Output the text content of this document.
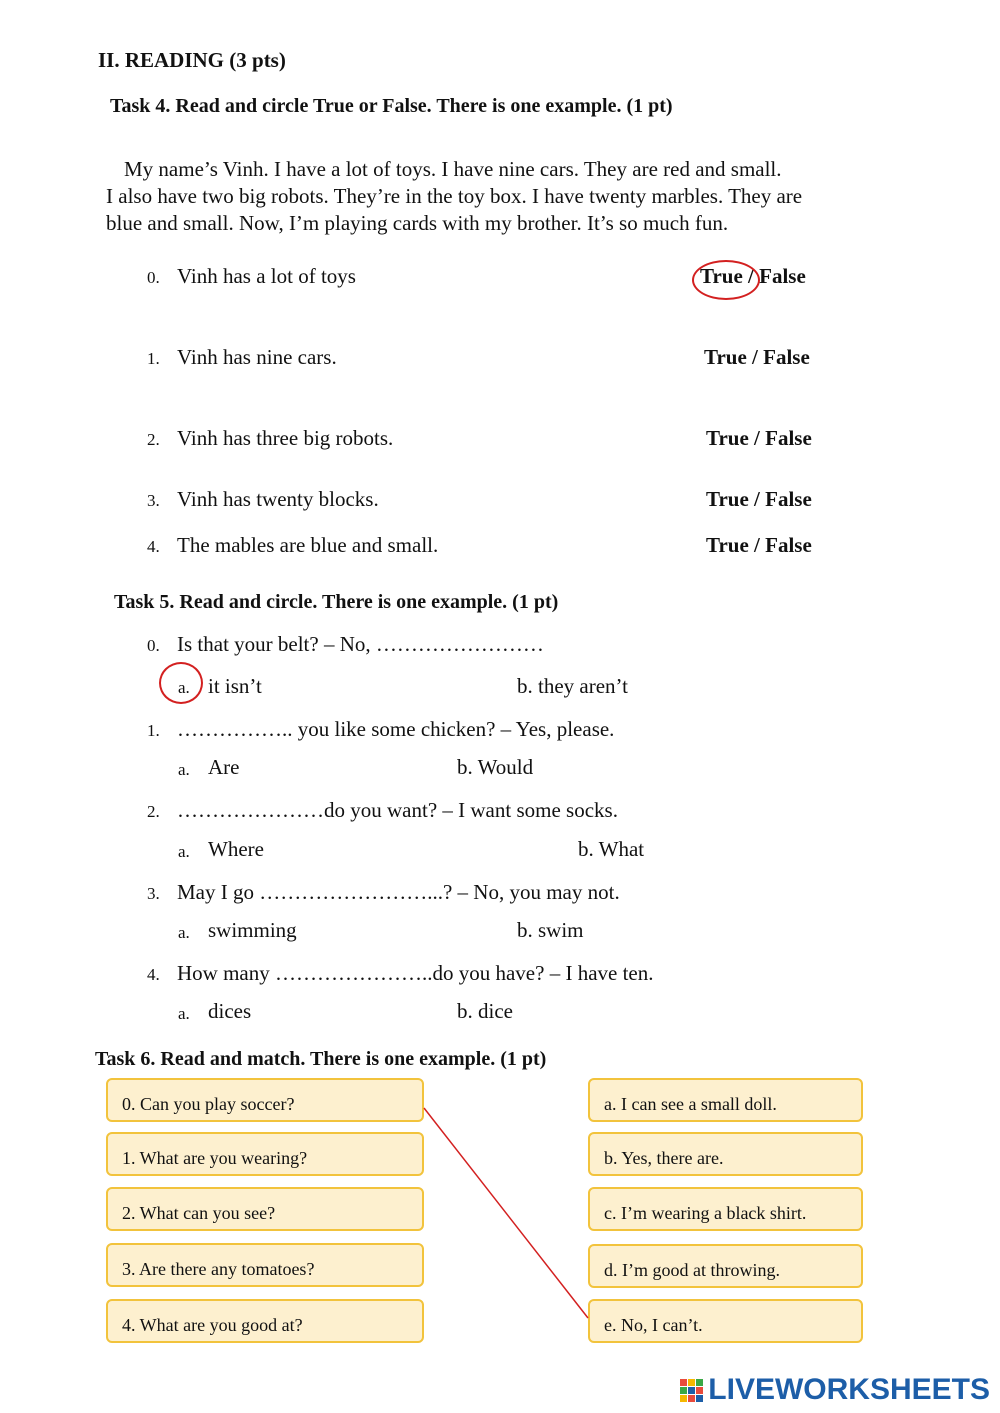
II. READING (3 pts)
Task 4. Read and circle True or False. There is one example. (1 pt)

My name’s Vinh. I have a lot of toys. I have nine cars. They are red and small.

I also have two big robots. They’re in the toy box. I have twenty marbles. They are

blue and small. Now, I’m playing cards with my brother. It’s so much fun.

0. Vinh has a lot of toys	True / False
1. Vinh has nine cars.	True / False
2. Vinh has three big robots.	True / False
3. Vinh has twenty blocks.	True / False
4. The mables are blue and small.	True / False
Task 5. Read and circle. There is one example. (1 pt)
0. Is that your belt? – No, ……………………
a. it isn’t	b. they aren’t
1. …………….. you like some chicken? – Yes, please.
a. Are	b. Would
2. …………………do you want? – I want some socks.
a. Where	b. What
3. May I go ……………………...? – No, you may not.
a. swimming	b. swim
4. How many …………………..do you have? – I have ten.
a. dices	b. dice
Task 6. Read and match. There is one example. (1 pt)
0. Can you play soccer?
1. What are you wearing?
2. What can you see?
3. Are there any tomatoes?
4. What are you good at?
a. I can see a small doll.
b. Yes, there are.
c. I’m wearing a black shirt.
d. I’m good at throwing.
e. No, I can’t.
LIVEWORKSHEETS
